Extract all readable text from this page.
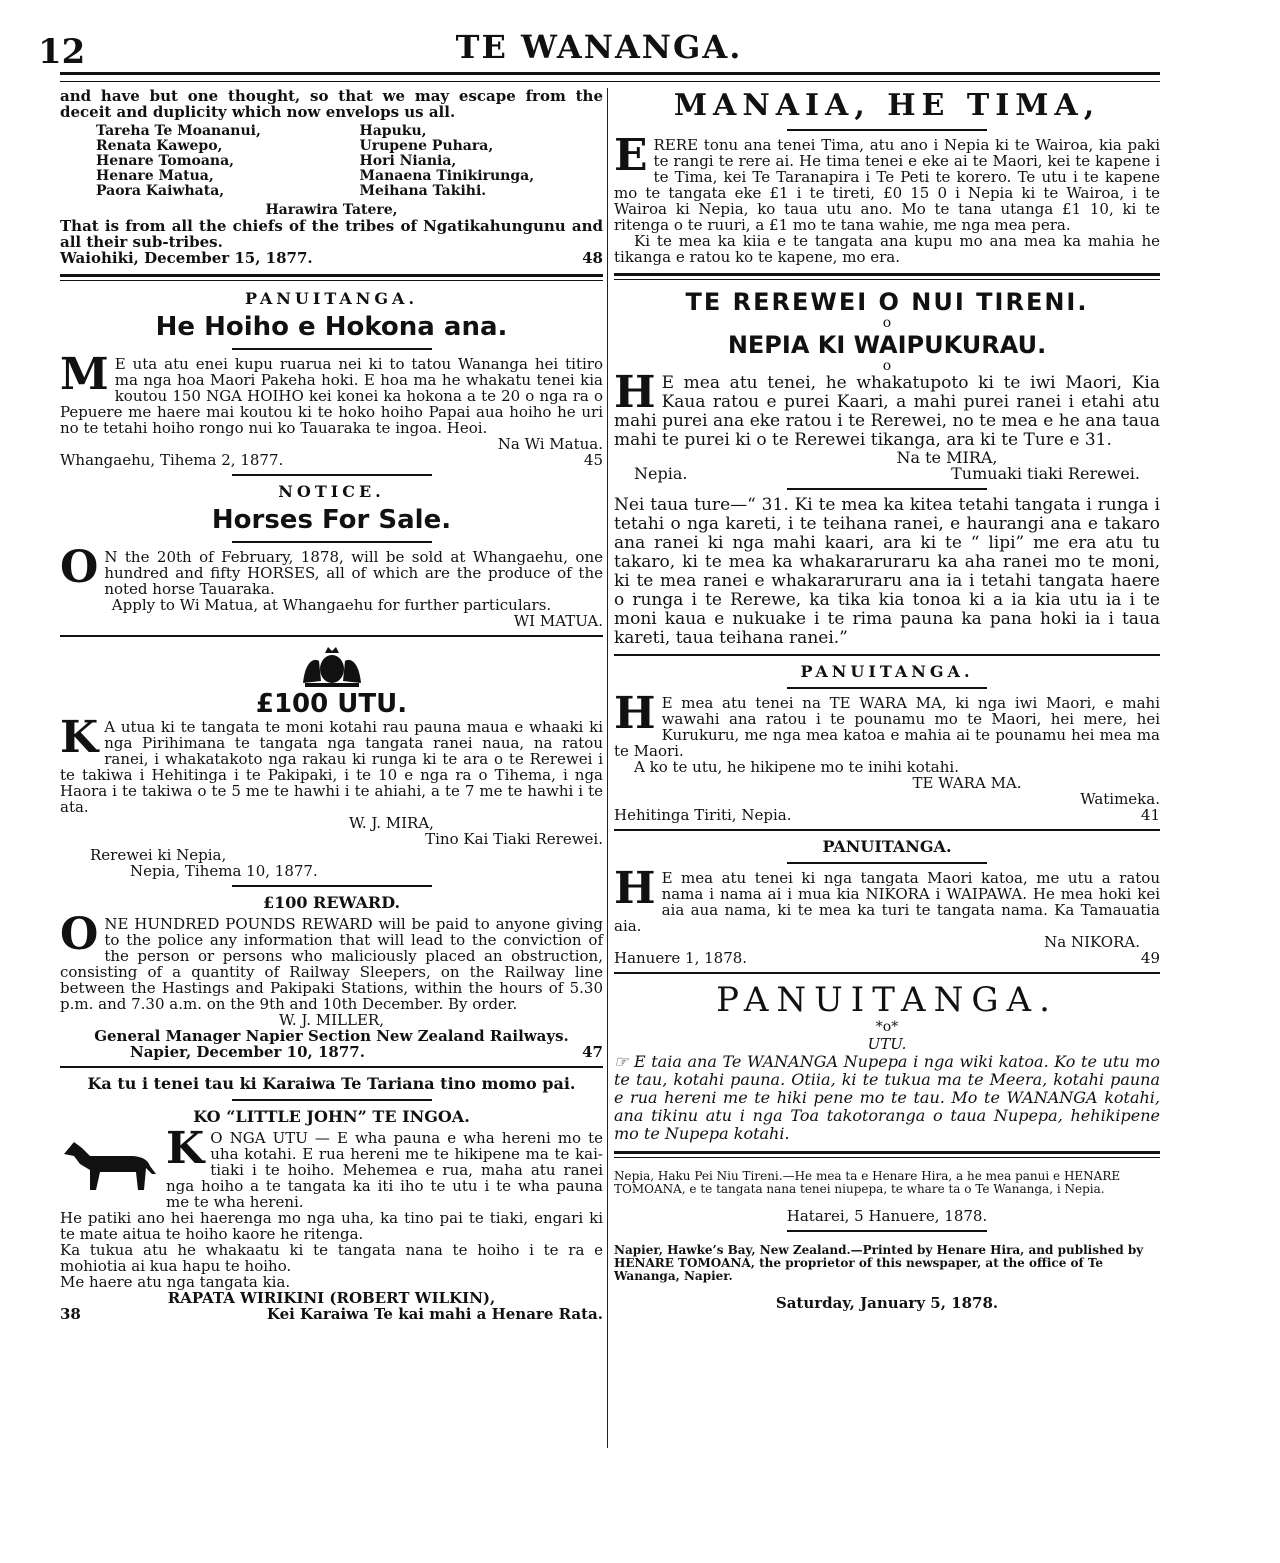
12	TE WANANGA.

and have but one thought, so that we may escape from the deceit and duplicity which now envelops us all.

Tareha Te Moananui,	Hapuku,
Renata Kawepo,	Urupene Puhara,
Henare Tomoana,	Hori Niania,
Henare Matua,	Manaena Tinikirunga,
Paora Kaiwhata,	Meihana Takihi.

Harawira Tatere,

That is from all the chiefs of the tribes of Ngatikahungunu and all their sub-tribes.

Waiohiki, December 15, 1877.	48

PANUITANGA.

He Hoiho e Hokona ana.

M E uta atu enei kupu ruarua nei ki to tatou Wananga hei titiro ma nga hoa Maori Pakeha hoki. E hoa ma he whakatu tenei kia koutou 150 NGA HOIHO kei konei ka hokona a te 20 o nga ra o Pepuere me haere mai koutou ki te hoko hoiho Papai aua hoiho he uri no te tetahi hoiho rongo nui ko Tauaraka te ingoa. Heoi.

Na Wi Matua.

Whangaehu, Tihema 2, 1877.	45

NOTICE.

Horses For Sale.

O N the 20th of February, 1878, will be sold at Whangaehu, one hundred and fifty HORSES, all of which are the produce of the noted horse Tauaraka.

Apply to Wi Matua, at Whangaehu for further particulars.

WI MATUA.

£100 UTU.

K A utua ki te tangata te moni kotahi rau pauna maua e whaaki ki nga Pirihimana te tangata nga tangata ranei naua, na ratou ranei, i whakatakoto nga rakau ki runga ki te ara o te Rerewei i te takiwa i Hehitinga i te Pakipaki, i te 10 e nga ra o Tihema, i nga Haora i te takiwa o te 5 me te hawhi i te ahiahi, a te 7 me te hawhi i te ata.

W. J. MIRA,

Tino Kai Tiaki Rerewei.

Rerewei ki Nepia,

Nepia, Tihema 10, 1877.

£100 REWARD.

ONE HUNDRED POUNDS REWARD will be paid to anyone giving to the police any information that will lead to the conviction of the person or persons who maliciously placed an obstruction, consisting of a quantity of Railway Sleepers, on the Railway line between the Hastings and Pakipaki Stations, within the hours of 5.30 p.m. and 7.30 a.m. on the 9th and 10th December. By order.

W. J. MILLER,

General Manager Napier Section New Zealand Railways.

Napier, December 10, 1877.	47

Ka tu i tenei tau ki Karaiwa Te Tariana tino momo pai.

KO “LITTLE JOHN” TE INGOA.

K O NGA UTU — E wha pauna e wha hereni mo te uha kotahi. E rua hereni me te hikipene ma te kai-tiaki i te hoiho. Mehemea e rua, maha atu ranei nga hoiho a te tangata ka iti iho te utu i te wha pauna me te wha hereni.

He patiki ano hei haerenga mo nga uha, ka tino pai te tiaki, engari ki te mate aitua te hoiho kaore he ritenga.

Ka tukua atu he whakaatu ki te tangata nana te hoiho i te ra e mohiotia ai kua hapu te hoiho.

Me haere atu nga tangata kia.

RAPATA WIRIKINI (ROBERT WILKIN),

38	Kei Karaiwa Te kai mahi a Henare Rata.

MANAIA, HE TIMA,

ERERE tonu ana tenei Tima, atu ano i Nepia ki te Wairoa, kia paki te rangi te rere ai. He tima tenei e eke ai te Maori, kei te kapene i te Tima, kei Te Taranapira i Te Peti te korero. Te utu i te kapene mo te tangata eke £1 i te tireti, £0 15 0 i Nepia ki te Wairoa, i te Wairoa ki Nepia, ko taua utu ano. Mo te tana utanga £1 10, ki te ritenga o te ruuri, a £1 mo te tana wahie, me nga mea pera.

Ki te mea ka kiia e te tangata ana kupu mo ana mea ka mahia he tikanga e ratou ko te kapene, mo era.

TE REREWEI O NUI TIRENI.

o

NEPIA KI WAIPUKURAU.

o

H E mea atu tenei, he whakatupoto ki te iwi Maori, Kia Kaua ratou e purei Kaari, a mahi purei ranei i etahi atu mahi purei ana eke ratou i te Rerewei, no te mea e he ana taua mahi te purei ki o te Rerewei tikanga, ara ki te Ture e 31.

Na te MIRA,

Nepia.	Tumuaki tiaki Rerewei.

Nei taua ture—“ 31. Ki te mea ka kitea tetahi tangata i runga i tetahi o nga kareti, i te teihana ranei, e haurangi ana e takaro ana ranei ki nga mahi kaari, ara ki te “ lipi” me era atu tu takaro, ki te mea ka whakararuraru ka aha ranei mo te moni, ki te mea ranei e whakararuraru ana ia i tetahi tangata haere o runga i te Rerewe, ka tika kia tonoa ki a ia kia utu ia i te moni kaua e nukuake i te rima pauna ka pana hoki ia i taua kareti, taua teihana ranei.”

PANUITANGA.

H E mea atu tenei na TE WARA MA, ki nga iwi Maori, e mahi wawahi ana ratou i te pounamu mo te Maori, hei mere, hei Kurukuru, me nga mea katoa e mahia ai te pounamu hei mea ma te Maori.

A ko te utu, he hikipene mo te inihi kotahi.

TE WARA MA.

Watimeka.

Hehitinga Tiriti, Nepia.	41

PANUITANGA.

H E mea atu tenei ki nga tangata Maori katoa, me utu a ratou nama i nama ai i mua kia NIKORA i WAIPAWA. He mea hoki kei aia aua nama, ki te mea ka turi te tangata nama. Ka Tamauatia aia.

Na NIKORA.

Hanuere 1, 1878.	49

PANUITANGA.

*o*

UTU.

☞ E taia ana Te WANANGA Nupepa i nga wiki katoa. Ko te utu mo te tau, kotahi pauna. Otiia, ki te tukua ma te Meera, kotahi pauna e rua hereni me te hiki pene mo te tau. Mo te WANANGA kotahi, ana tikinu atu i nga Toa takotoranga o taua Nupepa, hehikipene mo te Nupepa kotahi.

Nepia, Haku Pei Niu Tireni.—He mea ta e Henare Hira, a he mea panui e HENARE TOMOANA, e te tangata nana tenei niupepa, te whare ta o Te Wananga, i Nepia.

Hatarei, 5 Hanuere, 1878.

Napier, Hawke’s Bay, New Zealand.—Printed by Henare Hira, and published by HENARE TOMOANA, the proprietor of this newspaper, at the office of Te Wananga, Napier.

Saturday, January 5, 1878.
